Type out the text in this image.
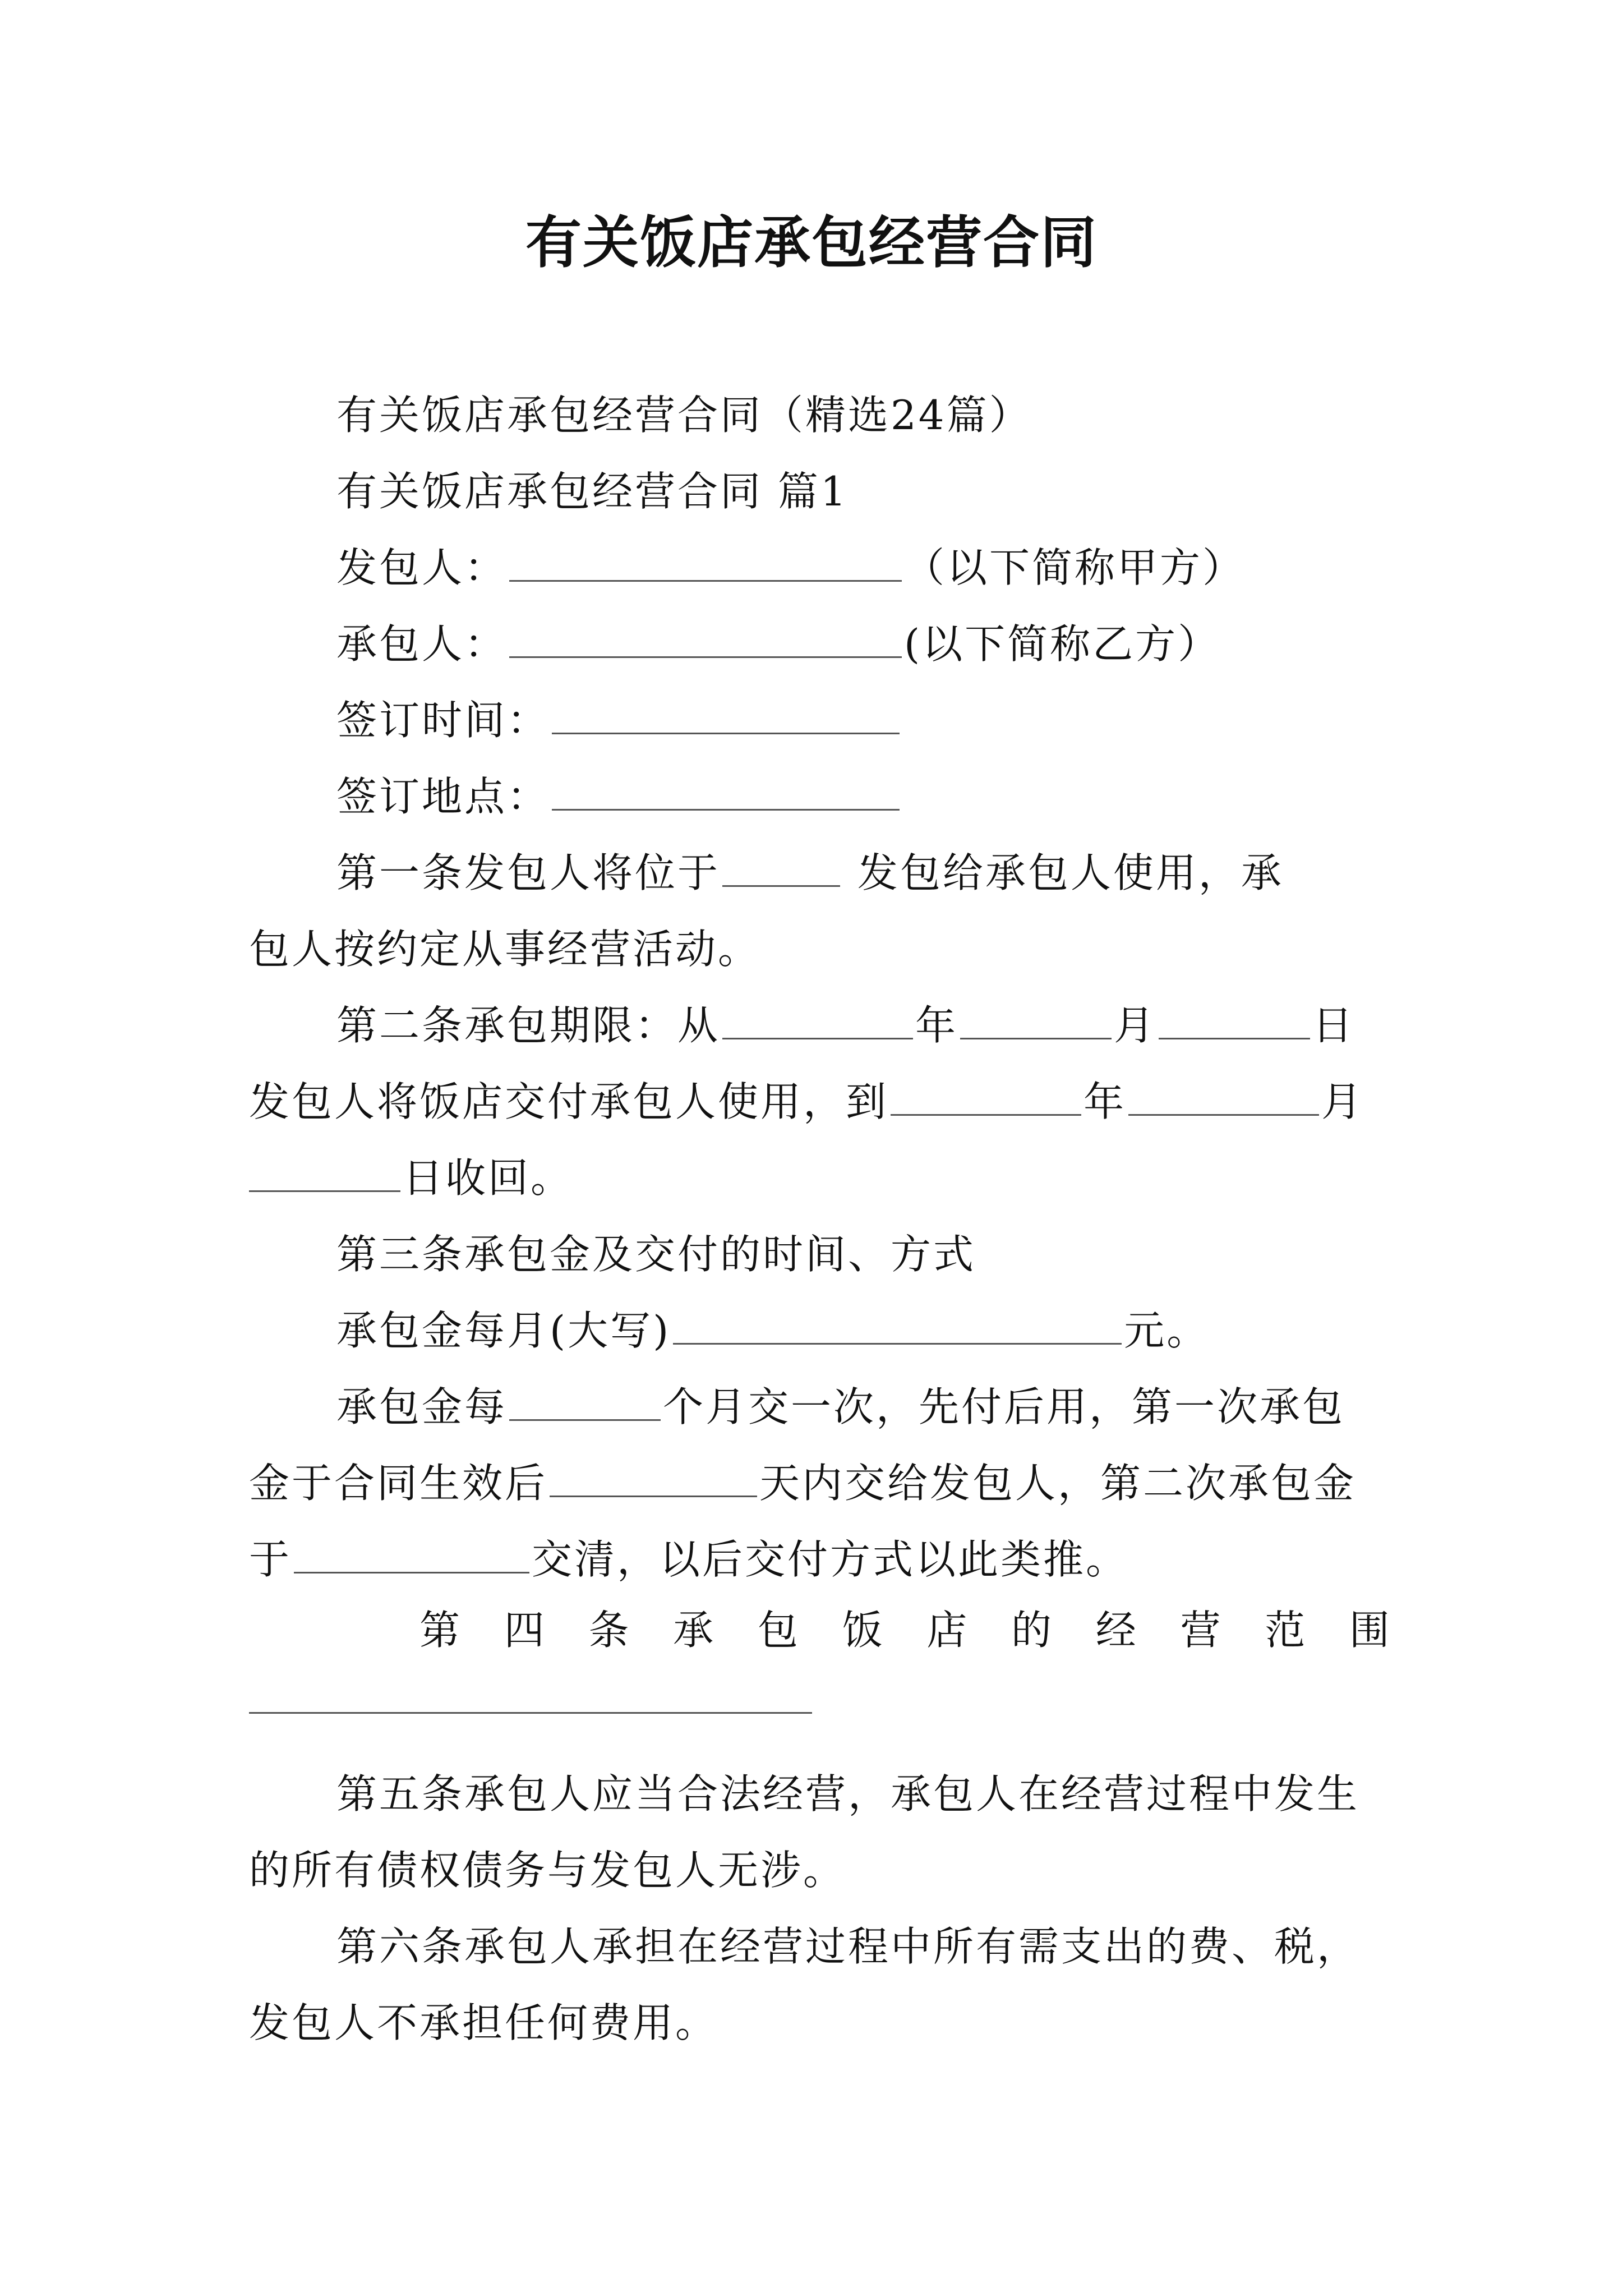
有关饭店承包经营合同
有关饭店承包经营合同（精选24篇）
有关饭店承包经营合同 篇1
发包人：	（以下简称甲方）
承包人：	(以下简称乙方）
签订时间：
签订地点：
第一条发包人将位于	发包给承包人使用，承
包人按约定从事经营活动。
第二条承包期限：从	年	月	日
发包人将饭店交付承包人使用，到	年	月
日收回。
第三条承包金及交付的时间、方式
承包金每月(大写)	元。
承包金每	个月交一次，先付后用，第一次承包
金于合同生效后	天内交给发包人，第二次承包金
于	交清，以后交付方式以此类推。
第 四 条 承 包 饭 店 的 经 营 范 围
第五条承包人应当合法经营，承包人在经营过程中发生
的所有债权债务与发包人无涉。
第六条承包人承担在经营过程中所有需支出的费、税，
发包人不承担任何费用。
